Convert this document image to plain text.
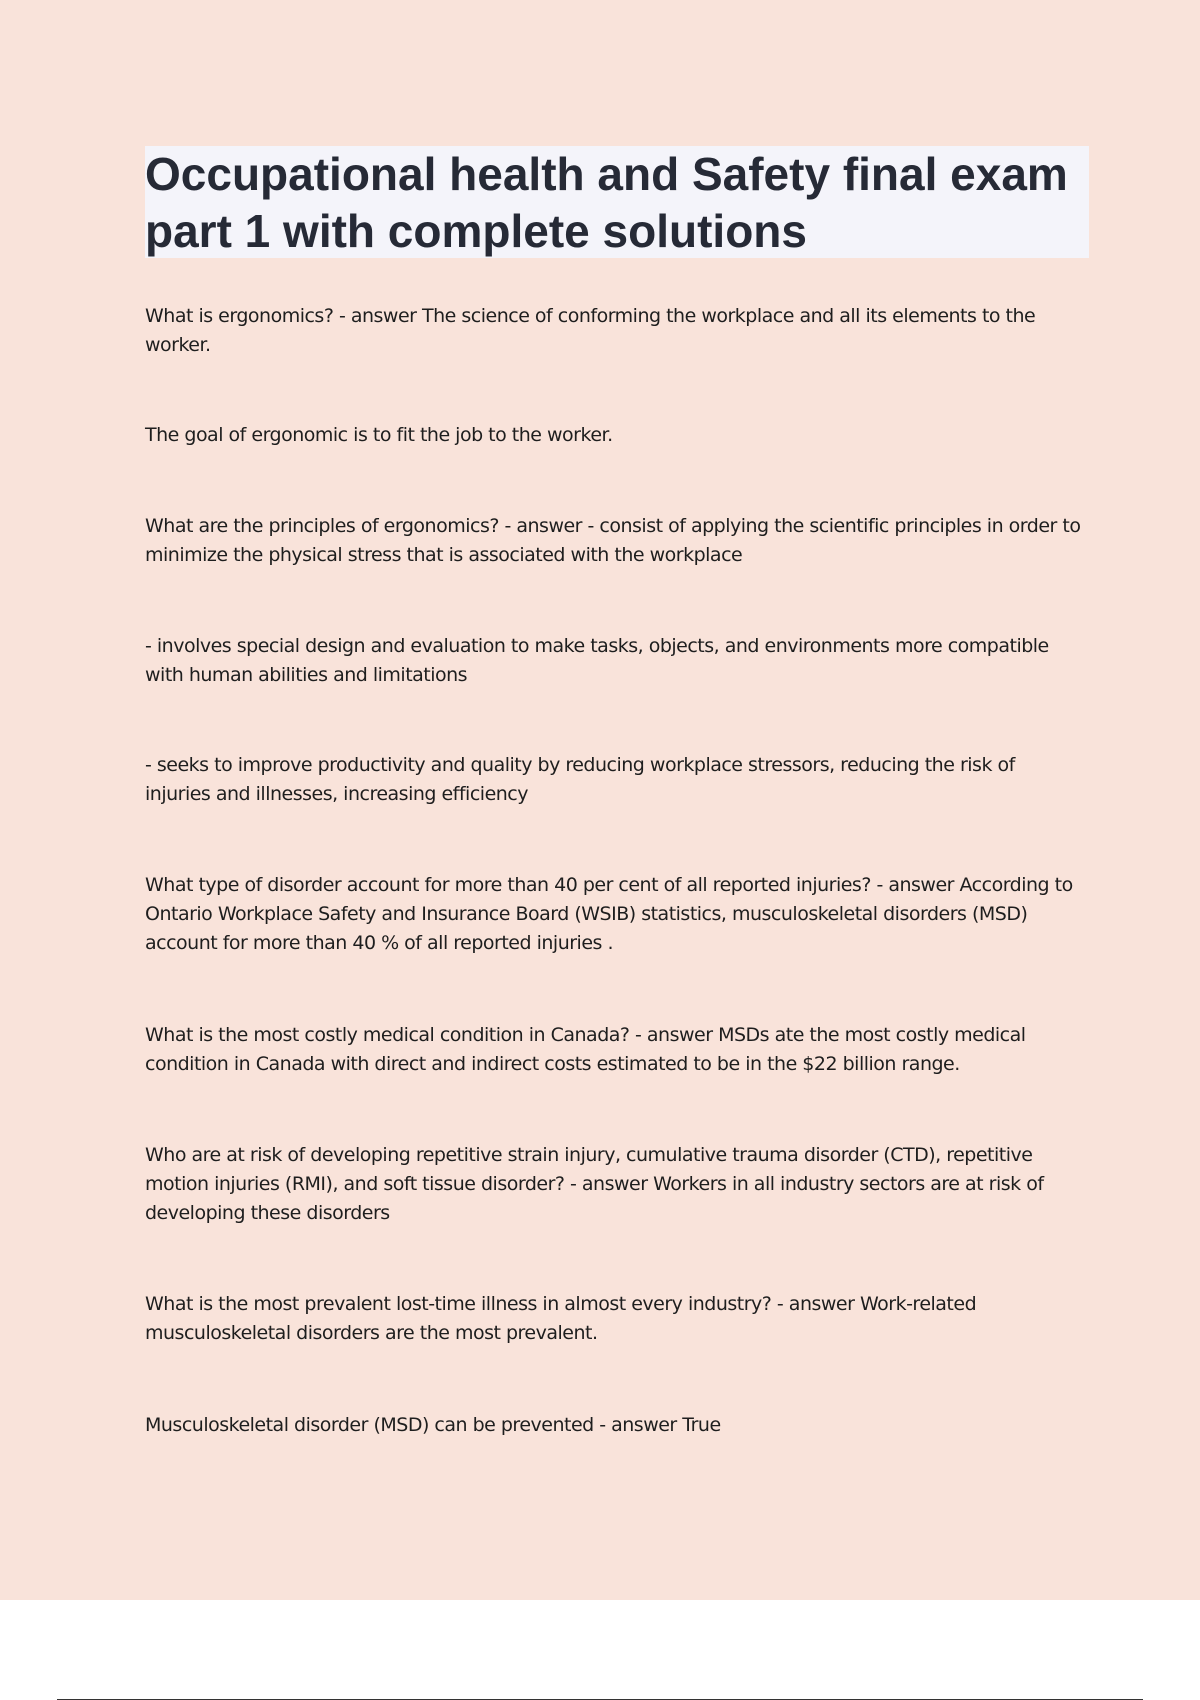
Occupational health and Safety final exam part 1 with complete solutions

What is ergonomics? - answer The science of conforming the workplace and all its elements to the worker.

The goal of ergonomic is to fit the job to the worker.

What are the principles of ergonomics? - answer - consist of applying the scientific principles in order to minimize the physical stress that is associated with the workplace

- involves special design and evaluation to make tasks, objects, and environments more compatible with human abilities and limitations

- seeks to improve productivity and quality by reducing workplace stressors, reducing the risk of injuries and illnesses, increasing efficiency

What type of disorder account for more than 40 per cent of all reported injuries? - answer According to Ontario Workplace Safety and Insurance Board (WSIB) statistics, musculoskeletal disorders (MSD) account for more than 40 % of all reported injuries .

What is the most costly medical condition in Canada? - answer MSDs ate the most costly medical condition in Canada with direct and indirect costs estimated to be in the $22 billion range.

Who are at risk of developing repetitive strain injury, cumulative trauma disorder (CTD), repetitive motion injuries (RMI), and soft tissue disorder? - answer Workers in all industry sectors are at risk of developing these disorders

What is the most prevalent lost-time illness in almost every industry? - answer Work-related musculoskeletal disorders are the most prevalent.

Musculoskeletal disorder (MSD) can be prevented - answer True
